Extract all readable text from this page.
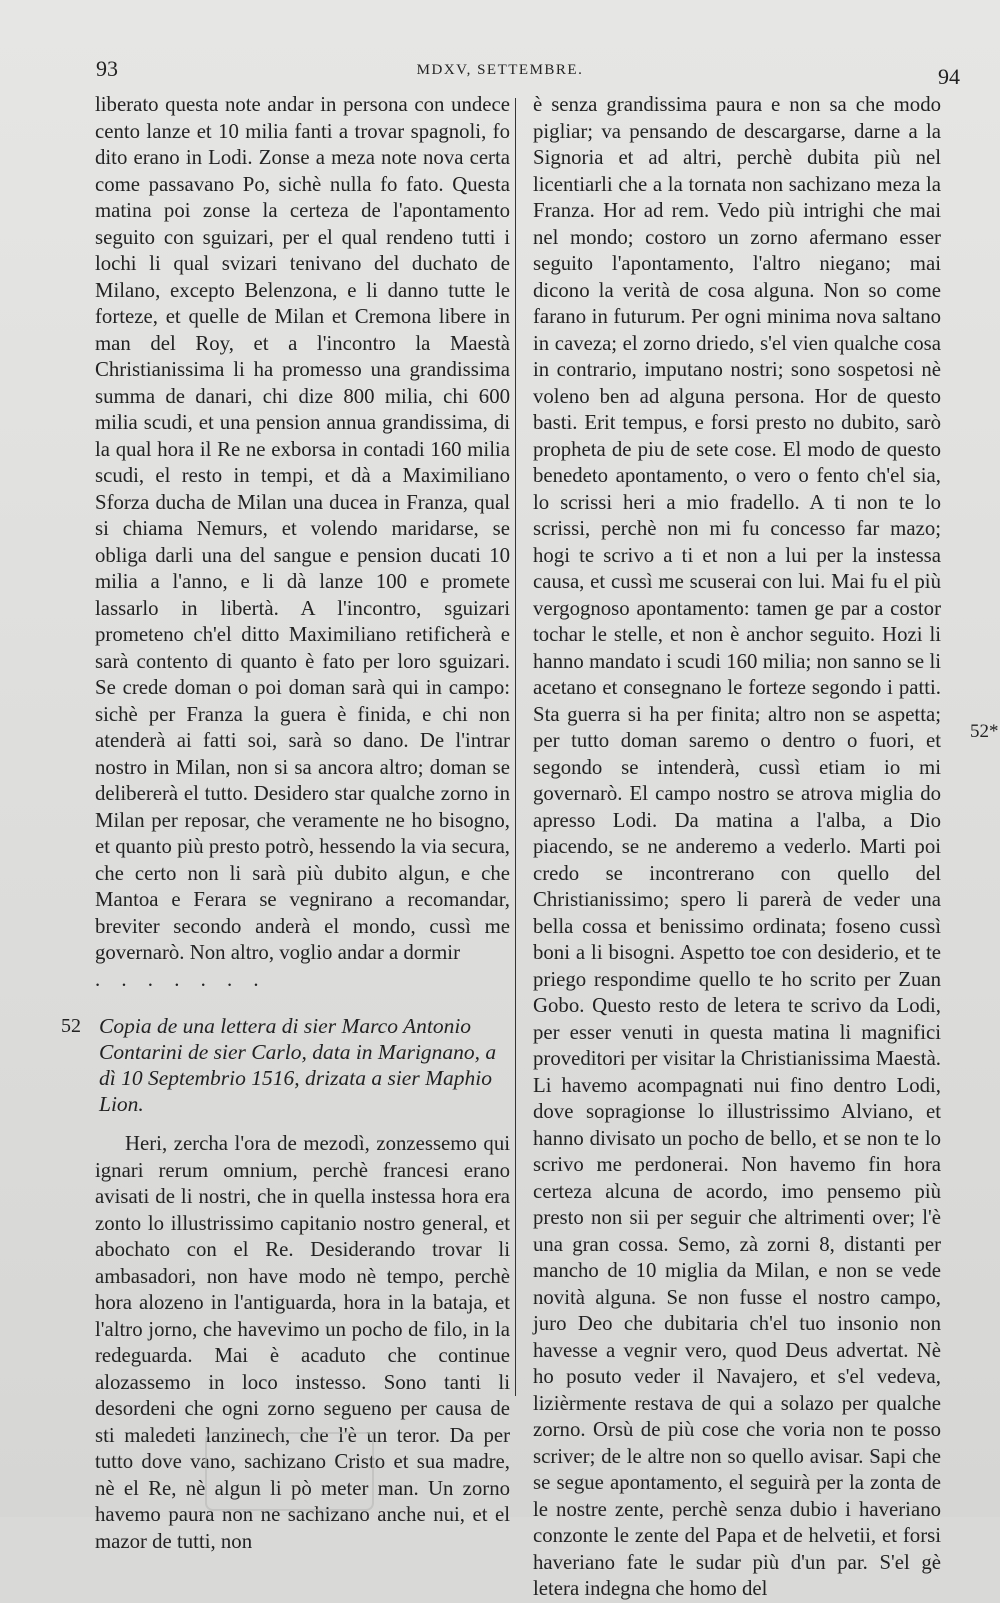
93	MDXV, SETTEMBRE.	94

liberato questa note andar in persona con undece cento lanze et 10 milia fanti a trovar spagnoli, fo dito erano in Lodi. Zonse a meza note nova certa come passavano Po, sichè nulla fo fato. Questa matina poi zonse la certeza de l'apontamento seguito con sguizari, per el qual rendeno tutti i lochi li qual svizari tenivano del duchato de Milano, excepto Belenzona, e li danno tutte le forteze, et quelle de Milan et Cremona libere in man del Roy, et a l'incontro la Maestà Christianissima li ha promesso una grandissima summa de danari, chi dize 800 milia, chi 600 milia scudi, et una pension annua grandissima, di la qual hora il Re ne exborsa in contadi 160 milia scudi, el resto in tempi, et dà a Maximiliano Sforza ducha de Milan una ducea in Franza, qual si chiama Nemurs, et volendo maridarse, se obliga darli una del sangue e pension ducati 10 milia a l'anno, e li dà lanze 100 e promete lassarlo in libertà. A l'incontro, sguizari prometeno ch'el ditto Maximiliano retificherà e sarà contento di quanto è fato per loro sguizari. Se crede doman o poi doman sarà qui in campo: sichè per Franza la guera è finida, e chi non atenderà ai fatti soi, sarà so dano. De l'intrar nostro in Milan, non si sa ancora altro; doman se delibererà el tutto. Desidero star qualche zorno in Milan per reposar, che veramente ne ho bisogno, et quanto più presto potrò, hessendo la via secura, che certo non li sarà più dubito algun, e che Mantoa e Ferara se vegnirano a recomandar, breviter secondo anderà el mondo, cussì me governarò. Non altro, voglio andar a dormir

. . . . . . .
52 Copia de una lettera di sier Marco Antonio Contarini de sier Carlo, data in Marignano, a dì 10 Septembrio 1516, drizata a sier Maphio Lion.

Heri, zercha l'ora de mezodì, zonzessemo qui ignari rerum omnium, perchè francesi erano avisati de li nostri, che in quella instessa hora era zonto lo illustrissimo capitanio nostro general, et abochato con el Re. Desiderando trovar li ambasadori, non have modo nè tempo, perchè hora alozeno in l'antiguarda, hora in la bataja, et l'altro jorno, che havevimo un pocho de filo, in la redeguarda. Mai è acaduto che continue alozassemo in loco instesso. Sono tanti li desordeni che ogni zorno segueno per causa de sti maledeti lanzinech, che l'è un teror. Da per tutto dove vano, sachizano Cristo et sua madre, nè el Re, nè algun li pò meter man. Un zorno havemo paura non ne sachizano anche nui, et el mazor de tutti, non

è senza grandissima paura e non sa che modo pigliar; va pensando de descargarse, darne a la Signoria et ad altri, perchè dubita più nel licentiarli che a la tornata non sachizano meza la Franza. Hor ad rem. Vedo più intrighi che mai nel mondo; costoro un zorno afermano esser seguito l'apontamento, l'altro niegano; mai dicono la verità de cosa alguna. Non so come farano in futurum. Per ogni minima nova saltano in caveza; el zorno driedo, s'el vien qualche cosa in contrario, imputano nostri; sono sospetosi nè voleno ben ad alguna persona. Hor de questo basti. Erit tempus, e forsi presto no dubito, sarò propheta de piu de sete cose. El modo de questo benedeto apontamento, o vero o fento ch'el sia, lo scrissi heri a mio fradello. A ti non te lo scrissi, perchè non mi fu concesso far mazo; hogi te scrivo a ti et non a lui per la instessa causa, et cussì me scuserai con lui. Mai fu el più vergognoso apontamento: tamen ge par a costor tochar le stelle, et non è anchor seguito. Hozi li hanno mandato i scudi 160 milia; non sanno se li acetano et consegnano le forteze segondo i patti. Sta guerra si ha per finita; altro non se aspetta; per tutto doman saremo o dentro o fuori, et segondo se intenderà, cussì etiam io mi governarò. El campo nostro se atrova miglia do apresso Lodi. Da matina a l'alba, a Dio piacendo, se ne anderemo a vederlo. Marti poi credo se incontrerano con quello del Christianissimo; spero li parerà de veder una bella cossa et benissimo ordinata; foseno cussì boni a li bisogni. Aspetto toe con desiderio, et te priego respondime quello te ho scrito per Zuan Gobo. Questo resto de letera te scrivo da Lodi, per esser venuti in questa matina li magnifici proveditori per visitar la Christianissima Maestà. Li havemo acompagnati nui fino dentro Lodi, dove sopragionse lo illustrissimo Alviano, et hanno divisato un pocho de bello, et se non te lo scrivo me perdonerai. Non havemo fin hora certeza alcuna de acordo, imo pensemo più presto non sii per seguir che altrimenti over; l'è una gran cossa. Semo, zà zorni 8, distanti per mancho de 10 miglia da Milan, e non se vede novità alguna. Se non fusse el nostro campo, juro Deo che dubitaria ch'el tuo insonio non havesse a vegnir vero, quod Deus advertat. Nè ho posuto veder il Navajero, et s'el vedeva, lizièrmente restava de qui a solazo per qualche zorno. Orsù de più cose che voria non te posso scriver; de le altre non so quello avisar. Sapi che se segue apontamento, el seguirà per la zonta de le nostre zente, perchè senza dubio i haveriano conzonte le zente del Papa et de helvetii, et forsi haveriano fate le sudar più d'un par. S'el gè letera indegna che homo del

52*
